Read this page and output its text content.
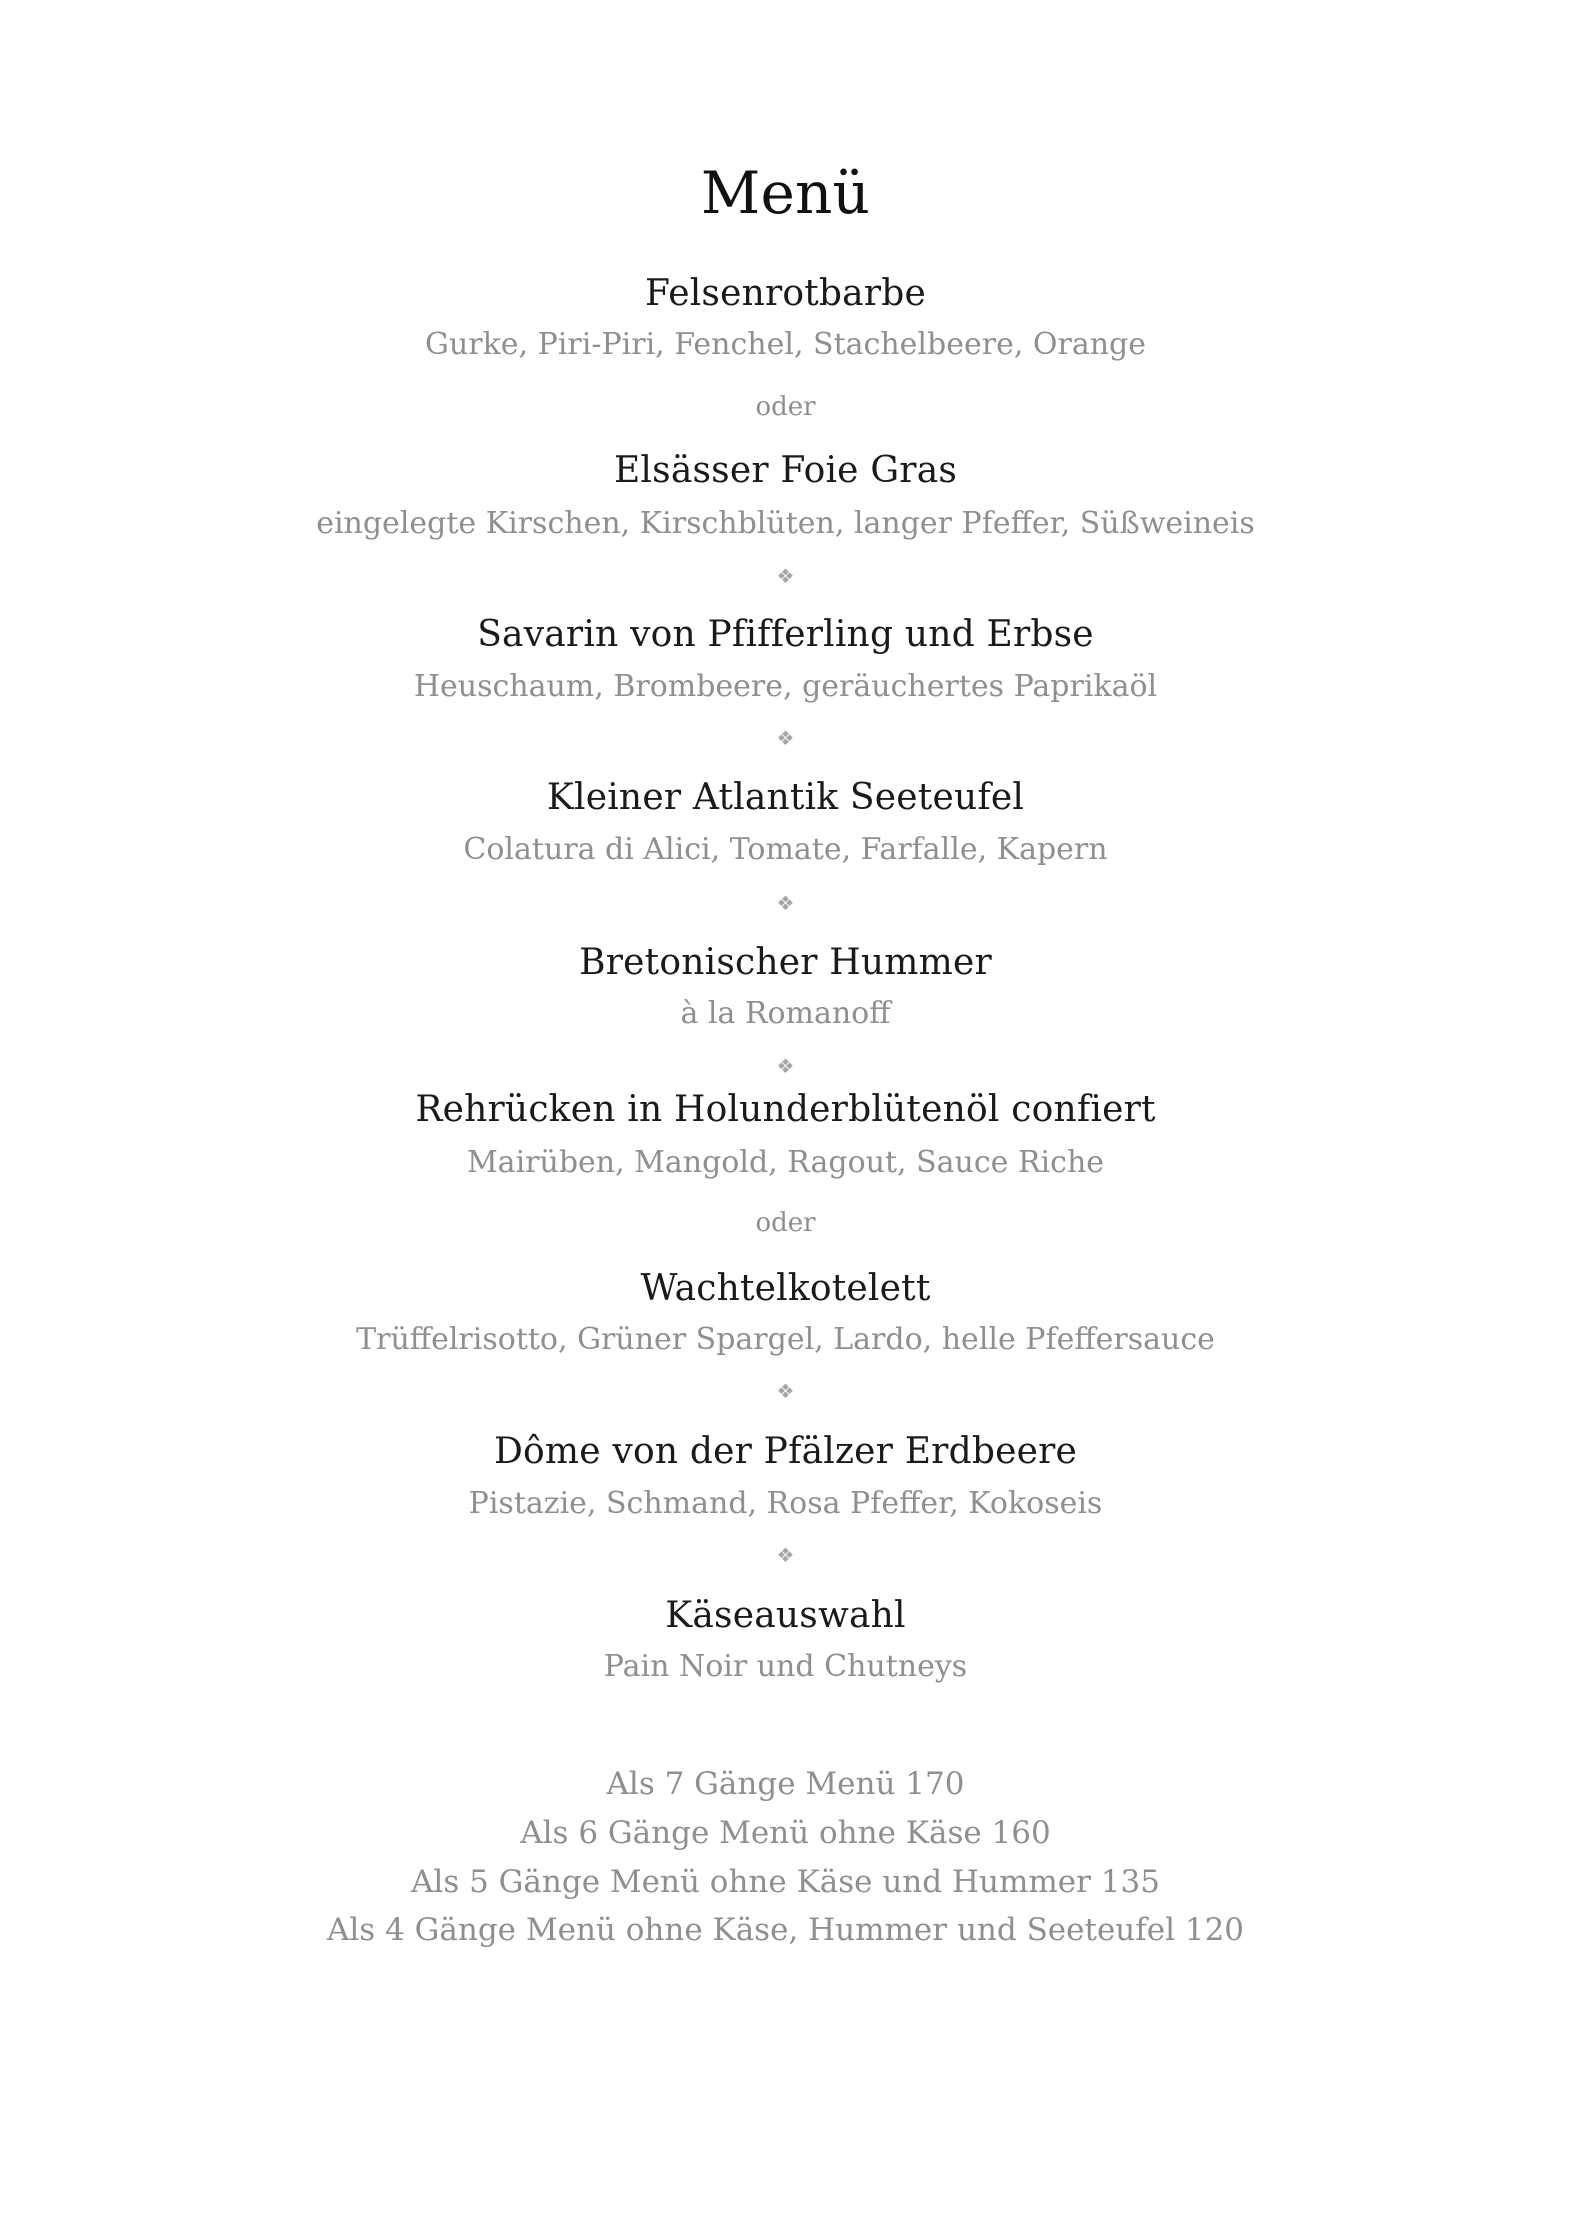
Menü
Felsenrotbarbe
Gurke, Piri-Piri, Fenchel, Stachelbeere, Orange
oder
Elsässer Foie Gras
eingelegte Kirschen, Kirschblüten, langer Pfeffer, Süßweineis
❖
Savarin von Pfifferling und Erbse
Heuschaum, Brombeere, geräuchertes Paprikaöl
❖
Kleiner Atlantik Seeteufel
Colatura di Alici, Tomate, Farfalle, Kapern
❖
Bretonischer Hummer
à la Romanoff
❖
Rehrücken in Holunderblütenöl confiert
Mairüben, Mangold, Ragout, Sauce Riche
oder
Wachtelkotelett
Trüffelrisotto, Grüner Spargel, Lardo, helle Pfeffersauce
❖
Dôme von der Pfälzer Erdbeere
Pistazie, Schmand, Rosa Pfeffer, Kokoseis
❖
Käseauswahl
Pain Noir und Chutneys
Als 7 Gänge Menü 170
Als 6 Gänge Menü ohne Käse 160
Als 5 Gänge Menü ohne Käse und Hummer 135
Als 4 Gänge Menü ohne Käse, Hummer und Seeteufel 120
